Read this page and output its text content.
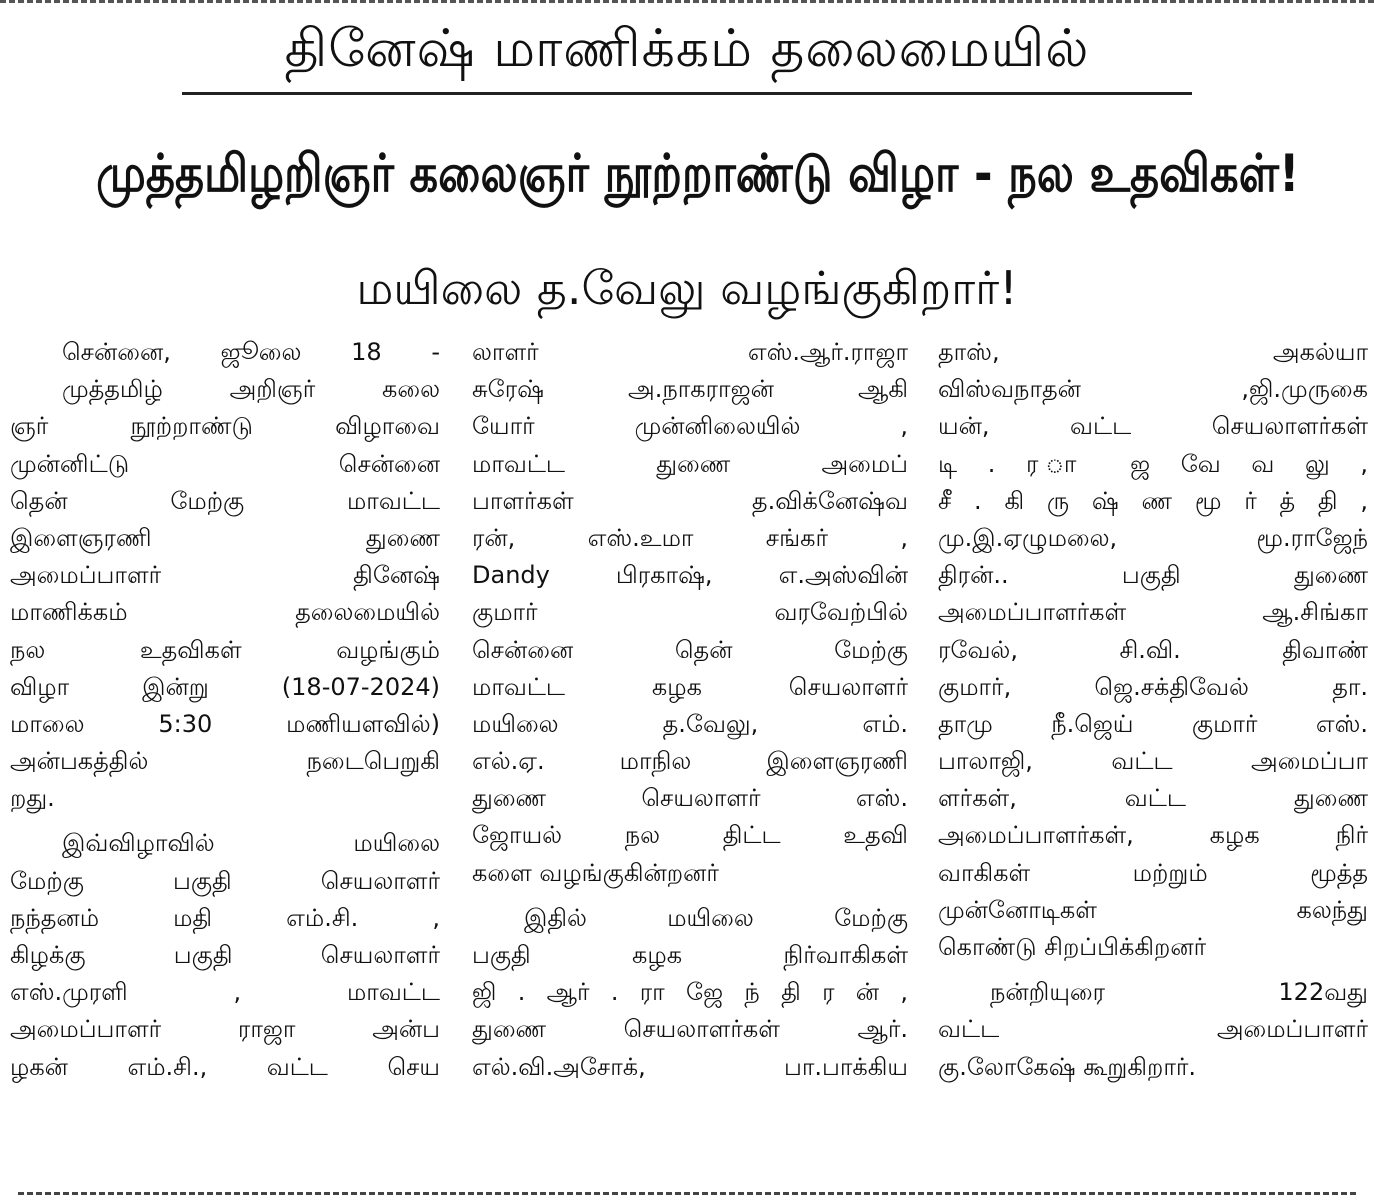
தினேஷ் மாணிக்கம் தலைமையில்
முத்தமிழறிஞர் கலைஞர் நூற்றாண்டு விழா - நல உதவிகள்!
மயிலை த.வேலு வழங்குகிறார்!
சென்னை, ஜூலை 18 -
முத்தமிழ் அறிஞர் கலை
ஞர் நூற்றாண்டு விழாவை
முன்னிட்டு சென்னை
தென் மேற்கு மாவட்ட
இளைஞரணி துணை
அமைப்பாளர் தினேஷ்
மாணிக்கம் தலைமையில்
நல உதவிகள் வழங்கும்
விழா இன்று (18-07-2024)
மாலை 5:30 மணியளவில்)
அன்பகத்தில் நடைபெறுகி
றது.
இவ்விழாவில் மயிலை
மேற்கு பகுதி செயலாளர்
நந்தனம் மதி எம்.சி. ,
கிழக்கு பகுதி செயலாளர்
எஸ்.முரளி , மாவட்ட
அமைப்பாளர் ராஜா அன்ப
ழகன் எம்.சி., வட்ட செய
லாளர் எஸ்.ஆர்.ராஜா
சுரேஷ் அ.நாகராஜன் ஆகி
யோர் முன்னிலையில் ,
மாவட்ட துணை அமைப்
பாளர்கள் த.விக்னேஷ்வ
ரன், எஸ்.உமா சங்கர் ,
Dandy பிரகாஷ், எ.அஸ்வின்
குமார் வரவேற்பில்
சென்னை தென் மேற்கு
மாவட்ட கழக செயலாளர்
மயிலை த.வேலு, எம்.
எல்.ஏ. மாநில இளைஞரணி
துணை செயலாளர் எஸ்.
ஜோயல் நல திட்ட உதவி
களை வழங்குகின்றனர்
இதில் மயிலை மேற்கு
பகுதி கழக நிர்வாகிகள்
ஜி . ஆர் . ரா ஜே ந் தி ர ன் ,
துணை செயலாளர்கள் ஆர்.
எல்.வி.அசோக், பா.பாக்கிய
தாஸ், அகல்யா
விஸ்வநாதன் ,ஜி.முருகை
யன், வட்ட செயலாளர்கள்
டி . ர ா ஜ வே வ லு ,
சீ . கி ரு ஷ் ண மூ ர் த் தி ,
மு.இ.ஏழுமலை, மூ.ராஜேந்
திரன்.. பகுதி துணை
அமைப்பாளர்கள் ஆ.சிங்கா
ரவேல், சி.வி. திவாண்
குமார், ஜெ.சக்திவேல் தா.
தாமு நீ.ஜெய் குமார் எஸ்.
பாலாஜி, வட்ட அமைப்பா
ளர்கள், வட்ட துணை
அமைப்பாளர்கள், கழக நிர்
வாகிகள் மற்றும் மூத்த
முன்னோடிகள் கலந்து
கொண்டு சிறப்பிக்கிறனர்
நன்றியுரை 122வது
வட்ட அமைப்பாளர்
கு.லோகேஷ் கூறுகிறார்.
